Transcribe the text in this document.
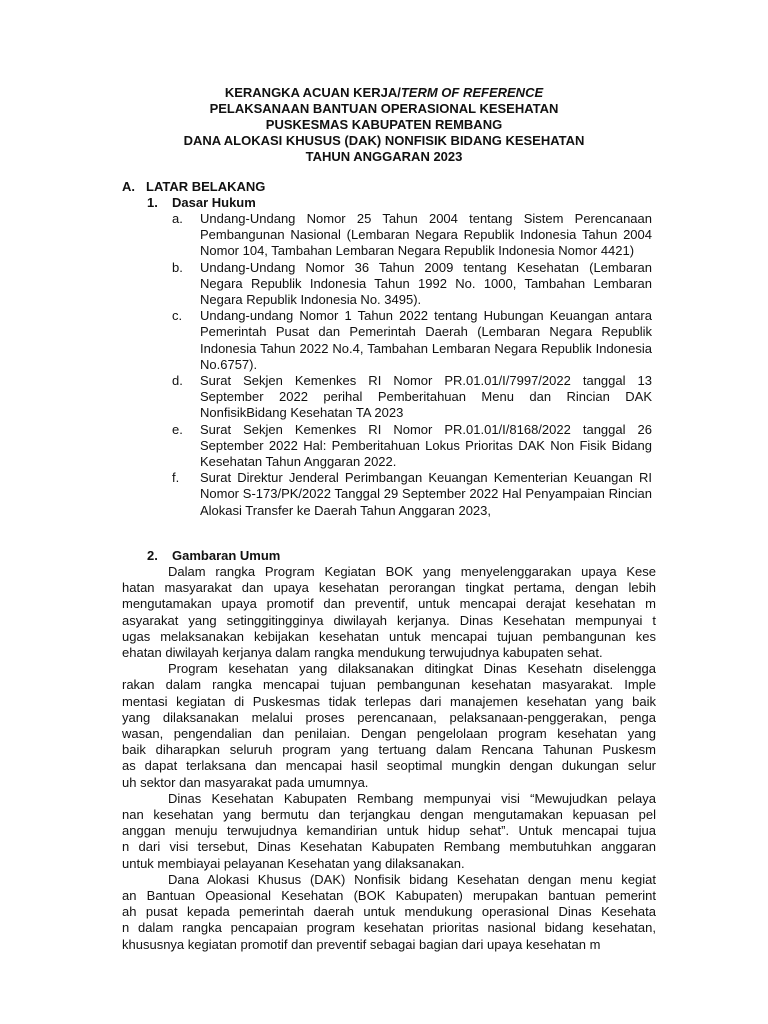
KERANGKA ACUAN KERJA/TERM OF REFERENCE
PELAKSANAAN BANTUAN OPERASIONAL KESEHATAN
PUSKESMAS KABUPATEN REMBANG
DANA ALOKASI KHUSUS (DAK) NONFISIK BIDANG KESEHATAN
TAHUN ANGGARAN 2023
A. LATAR BELAKANG
1. Dasar Hukum
a.	Undang-Undang Nomor 25 Tahun 2004 tentang Sistem Perencanaan Pembangunan Nasional (Lembaran Negara Republik Indonesia Tahun 2004 Nomor 104, Tambahan Lembaran Negara Republik Indonesia Nomor 4421)
b.	Undang-Undang Nomor 36 Tahun 2009 tentang Kesehatan (Lembaran Negara Republik Indonesia Tahun 1992 No. 1000, Tambahan Lembaran Negara Republik Indonesia No. 3495).
c.	Undang-undang Nomor 1 Tahun 2022 tentang Hubungan Keuangan antara Pemerintah Pusat dan Pemerintah Daerah (Lembaran Negara Republik Indonesia Tahun 2022 No.4, Tambahan Lembaran Negara Republik Indonesia No.6757).
d.	Surat Sekjen Kemenkes RI Nomor PR.01.01/I/7997/2022 tanggal 13 September 2022 perihal Pemberitahuan Menu dan Rincian DAK NonfisikBidang Kesehatan TA 2023
e.	Surat Sekjen Kemenkes RI Nomor PR.01.01/I/8168/2022 tanggal 26 September 2022 Hal: Pemberitahuan Lokus Prioritas DAK Non Fisik Bidang Kesehatan Tahun Anggaran 2022.
f.	Surat Direktur Jenderal Perimbangan Keuangan Kementerian Keuangan RI Nomor S-173/PK/2022 Tanggal 29 September 2022 Hal Penyampaian Rincian Alokasi Transfer ke Daerah Tahun Anggaran 2023,
2. Gambaran Umum
Dalam rangka Program Kegiatan BOK yang menyelenggarakan upaya Kese
hatan masyarakat dan upaya kesehatan perorangan tingkat pertama, dengan lebih
mengutamakan upaya promotif dan preventif, untuk mencapai derajat kesehatan m
asyarakat yang setinggitingginya diwilayah kerjanya. Dinas Kesehatan mempunyai t
ugas melaksanakan kebijakan kesehatan untuk mencapai tujuan pembangunan kes
ehatan diwilayah kerjanya dalam rangka mendukung terwujudnya kabupaten sehat.
Program kesehatan yang dilaksanakan ditingkat Dinas Kesehatn diselengga
rakan dalam rangka mencapai tujuan pembangunan kesehatan masyarakat. Imple
mentasi kegiatan di Puskesmas tidak terlepas dari manajemen kesehatan yang baik
yang dilaksanakan melalui proses perencanaan, pelaksanaan-penggerakan, penga
wasan, pengendalian dan penilaian. Dengan pengelolaan program kesehatan yang
baik diharapkan seluruh program yang tertuang dalam Rencana Tahunan Puskesm
as dapat terlaksana dan mencapai hasil seoptimal mungkin dengan dukungan selur
uh sektor dan masyarakat pada umumnya.
Dinas Kesehatan Kabupaten Rembang mempunyai visi “Mewujudkan pelaya
nan kesehatan yang bermutu dan terjangkau dengan mengutamakan kepuasan pel
anggan menuju terwujudnya kemandirian untuk hidup sehat”. Untuk mencapai tujua
n dari visi tersebut, Dinas Kesehatan Kabupaten Rembang membutuhkan anggaran
untuk membiayai pelayanan Kesehatan yang dilaksanakan.
Dana Alokasi Khusus (DAK) Nonfisik bidang Kesehatan dengan menu kegiat
an Bantuan Opeasional Kesehatan (BOK Kabupaten) merupakan bantuan pemerint
ah pusat kepada pemerintah daerah untuk mendukung operasional Dinas Kesehata
n dalam rangka pencapaian program kesehatan prioritas nasional bidang kesehatan,
khususnya kegiatan promotif dan preventif sebagai bagian dari upaya kesehatan m
